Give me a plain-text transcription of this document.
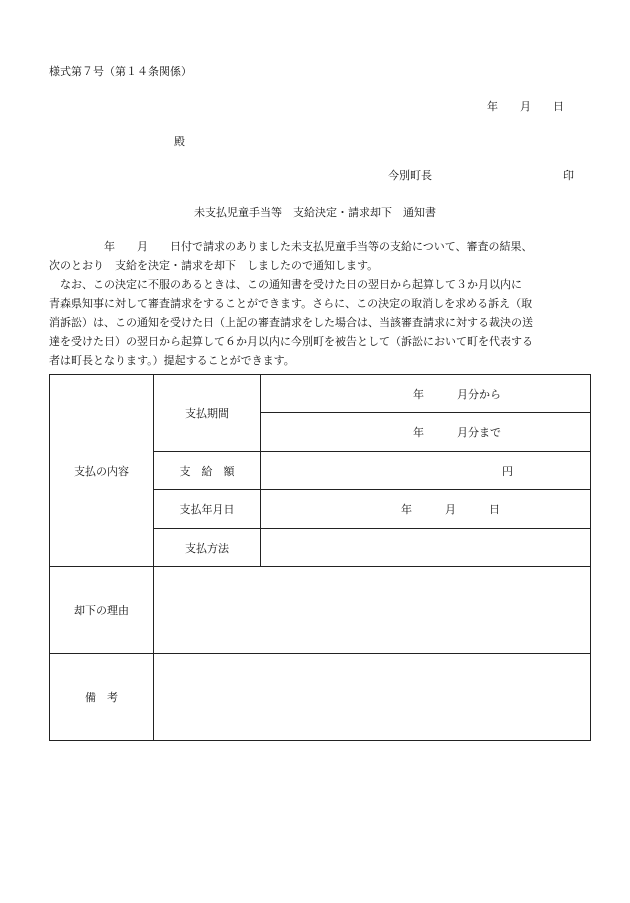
様式第７号（第１４条関係）
年　　月　　日
殿
今別町長	印
未支払児童手当等　支給決定・請求却下　通知書

　　　　　年　　月　　日付で請求のありました未支払児童手当等の支給について、審査の結果、

次のとおり　支給を決定・請求を却下　しましたので通知します。

　なお、この決定に不服のあるときは、この通知書を受けた日の翌日から起算して３か月以内に

青森県知事に対して審査請求をすることができます。さらに、この決定の取消しを求める訴え（取

消訴訟）は、この通知を受けた日（上記の審査請求をした場合は、当該審査請求に対する裁決の送

達を受けた日）の翌日から起算して６か月以内に今別町を被告として（訴訟において町を代表する

者は町長となります。）提起することができます。

支払の内容	支払期間	年　　　月分から
		年　　　月分まで
	支　給　額	円
	支払年月日	年　　　月　　　日
	支払方法	
却下の理由		
備　考		
